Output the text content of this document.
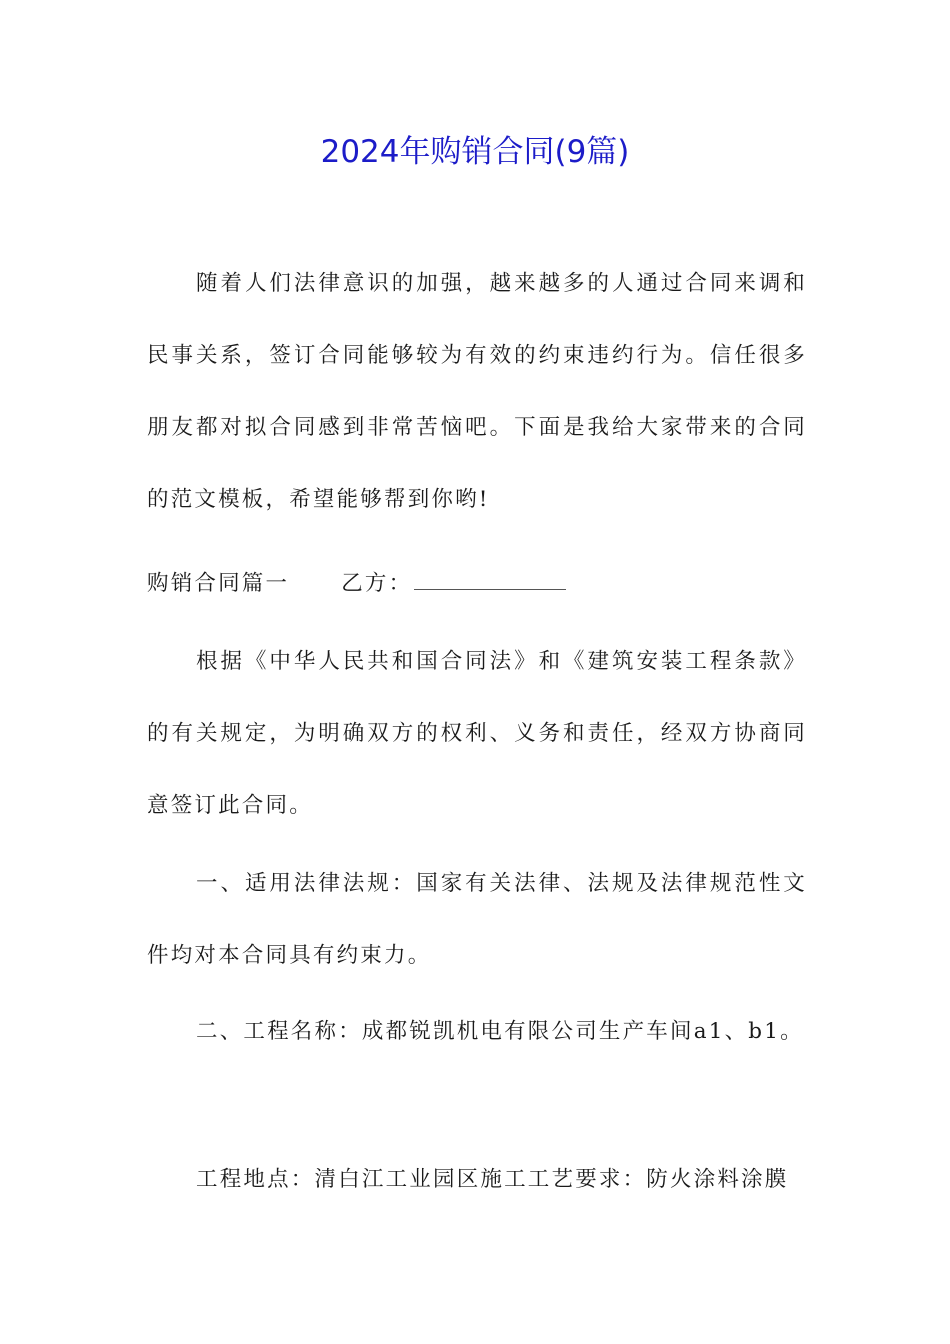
2024年购销合同(9篇)

随着人们法律意识的加强，越来越多的人通过合同来调和民事关系，签订合同能够较为有效的约束违约行为。信任很多朋友都对拟合同感到非常苦恼吧。下面是我给大家带来的合同的范文模板，希望能够帮到你哟!

购销合同篇一 乙方：

根据《中华人民共和国合同法》和《建筑安装工程条款》的有关规定，为明确双方的权利、义务和责任，经双方协商同意签订此合同。

一、适用法律法规：国家有关法律、法规及法律规范性文件均对本合同具有约束力。

二、工程名称：成都锐凯机电有限公司生产车间a1、b1。

工程地点：清白江工业园区施工工艺要求：防火涂料涂膜
